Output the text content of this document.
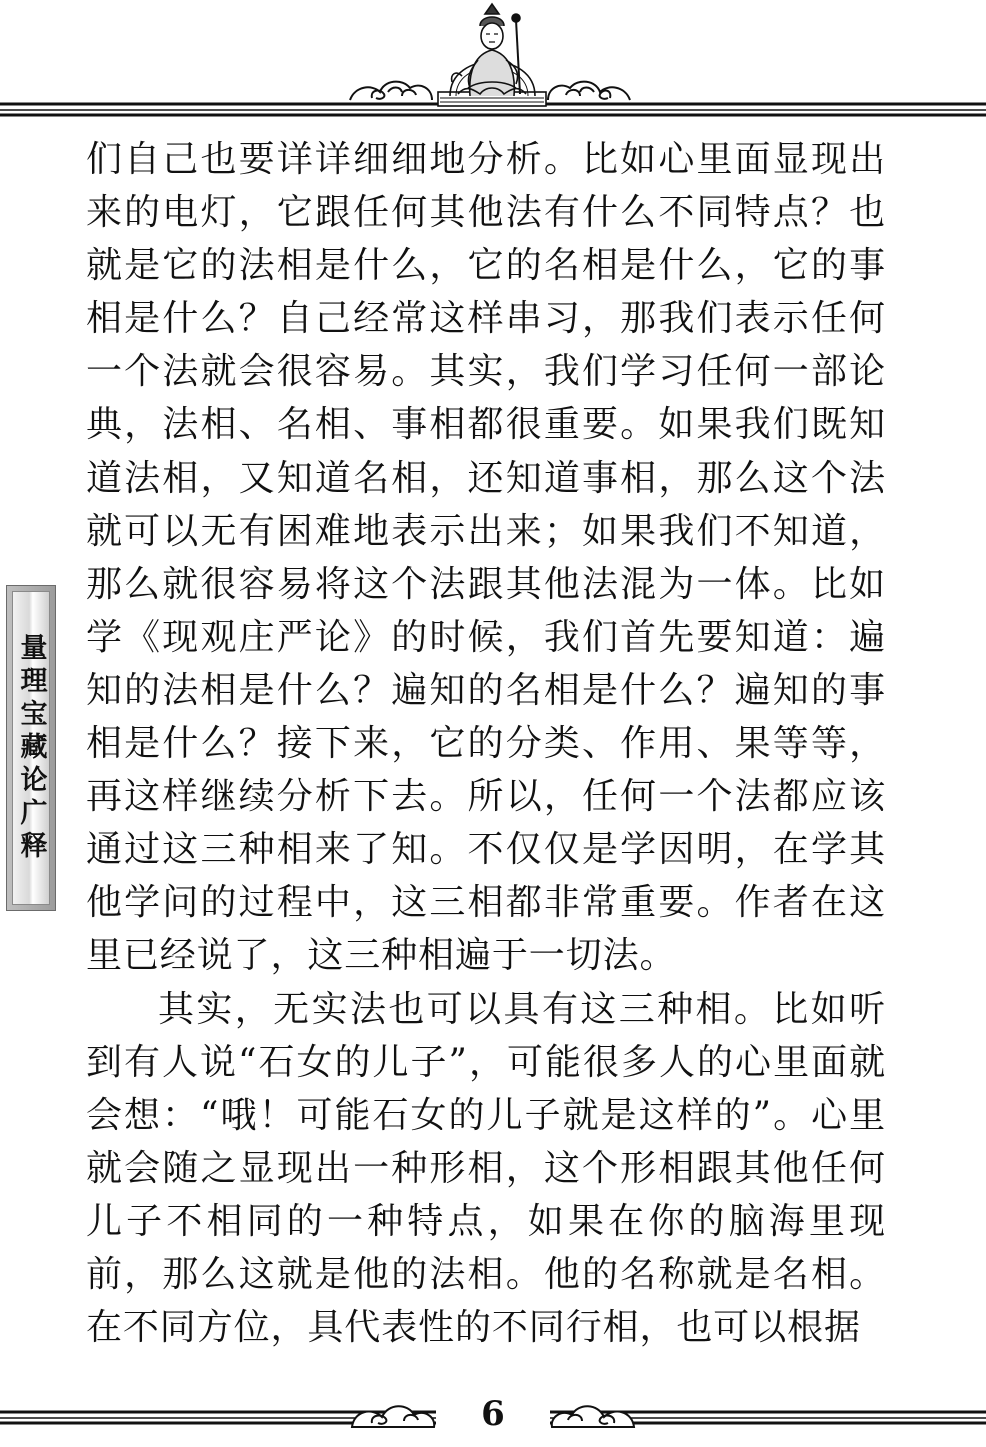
量理宝藏论广释

们自己也要详详细细地分析。比如心里面显现出来的电灯，它跟任何其他法有什么不同特点？也就是它的法相是什么，它的名相是什么，它的事相是什么？自己经常这样串习，那我们表示任何一个法就会很容易。其实，我们学习任何一部论典，法相、名相、事相都很重要。如果我们既知道法相，又知道名相，还知道事相，那么这个法就可以无有困难地表示出来；如果我们不知道，那么就很容易将这个法跟其他法混为一体。比如学《现观庄严论》的时候，我们首先要知道：遍知的法相是什么？遍知的名相是什么？遍知的事相是什么？接下来，它的分类、作用、果等等，再这样继续分析下去。所以，任何一个法都应该通过这三种相来了知。不仅仅是学因明，在学其他学问的过程中，这三相都非常重要。作者在这里已经说了，这三种相遍于一切法。

其实，无实法也可以具有这三种相。比如听到有人说“石女的儿子”，可能很多人的心里面就会想：“哦！可能石女的儿子就是这样的”。心里就会随之显现出一种形相，这个形相跟其他任何儿子不相同的一种特点，如果在你的脑海里现前，那么这就是他的法相。他的名称就是名相。在不同方位，具代表性的不同行相，也可以根据

6
